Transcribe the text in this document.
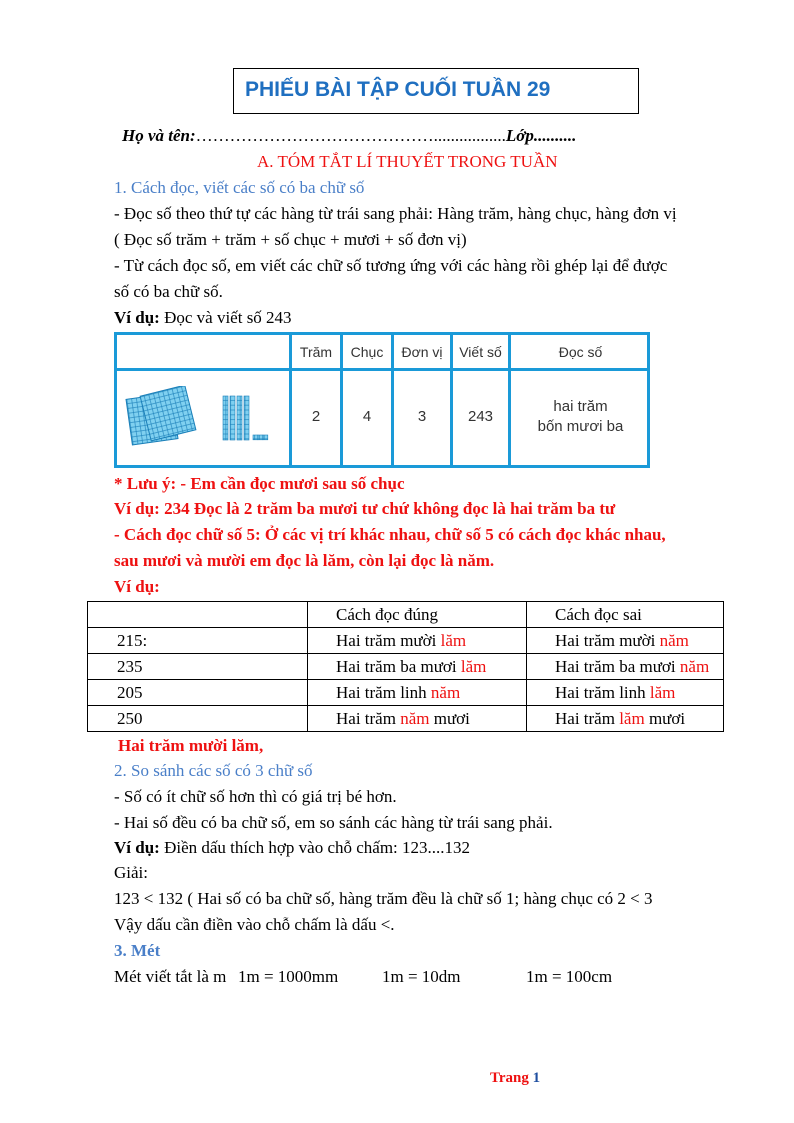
PHIẾU BÀI TẬP CUỐI TUẦN 29
Họ và tên:…………………………………….................Lớp..........
A. TÓM TẮT LÍ THUYẾT TRONG TUẦN
1. Cách đọc, viết các số có ba chữ số
- Đọc số theo thứ tự các hàng từ trái sang phải: Hàng trăm, hàng chục, hàng đơn vị
( Đọc số trăm + trăm + số chục + mươi + số đơn vị)
- Từ cách đọc số, em viết các chữ số tương ứng với các hàng rồi ghép lại để được
số có ba chữ số.
Ví dụ: Đọc và viết số 243
Trăm	Chục	Đơn vị	Viết số	Đọc số
2	4	3	243
hai trăm
bốn mươi ba
* Lưu ý: - Em cần đọc mươi sau số chục
Ví dụ: 234 Đọc là 2 trăm ba mươi tư chứ không đọc là hai trăm ba tư
- Cách đọc chữ số 5: Ở các vị trí khác nhau, chữ số 5 có cách đọc khác nhau,
sau mươi và mười em đọc là lăm, còn lại đọc là năm.
Ví dụ:
	Cách đọc đúng	Cách đọc sai
215:	Hai trăm mười lăm	Hai trăm mười năm
235	Hai trăm ba mươi lăm	Hai trăm ba mươi năm
205	Hai trăm linh năm	Hai trăm linh lăm
250	Hai trăm năm mươi	Hai trăm lăm mươi
Hai trăm mười lăm,
2. So sánh các số có 3 chữ số
- Số có ít chữ số hơn thì có giá trị bé hơn.
- Hai số đều có ba chữ số, em so sánh các hàng từ trái sang phải.
Ví dụ: Điền dấu thích hợp vào chỗ chấm: 123....132
Giải:
123 < 132 ( Hai số có ba chữ số, hàng trăm đều là chữ số 1; hàng chục có 2 < 3
Vậy dấu cần điền vào chỗ chấm là dấu <.
3. Mét
Mét viết tắt là m 1m = 1000mm	1m = 10dm	1m = 100cm
Trang 1
